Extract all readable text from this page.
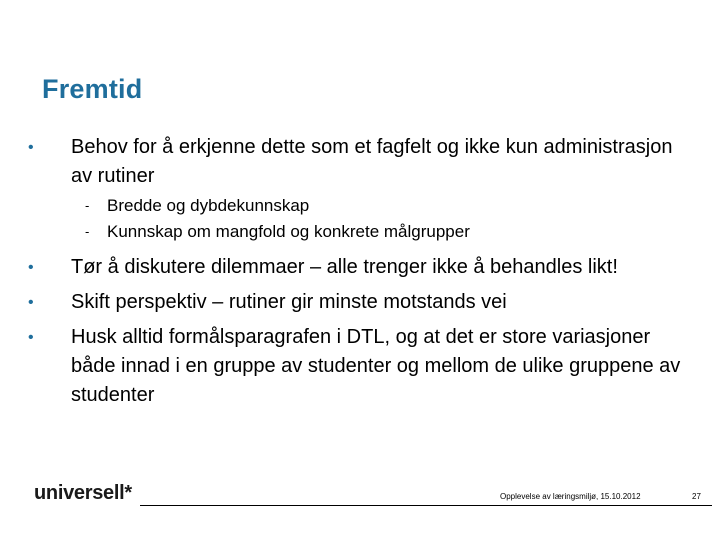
Fremtid
•	Behov for å erkjenne dette som et fagfelt og ikke kun administrasjon av rutiner
- Bredde og dybdekunnskap
- Kunnskap om mangfold og konkrete målgrupper
•	Tør å diskutere dilemmaer – alle trenger ikke å behandles likt!
•	Skift perspektiv – rutiner gir minste motstands vei
•	Husk alltid formålsparagrafen i DTL, og at det er store variasjoner både innad i en gruppe av studenter og mellom de ulike gruppene av studenter
universell*	Opplevelse av læringsmiljø, 15.10.2012	27
